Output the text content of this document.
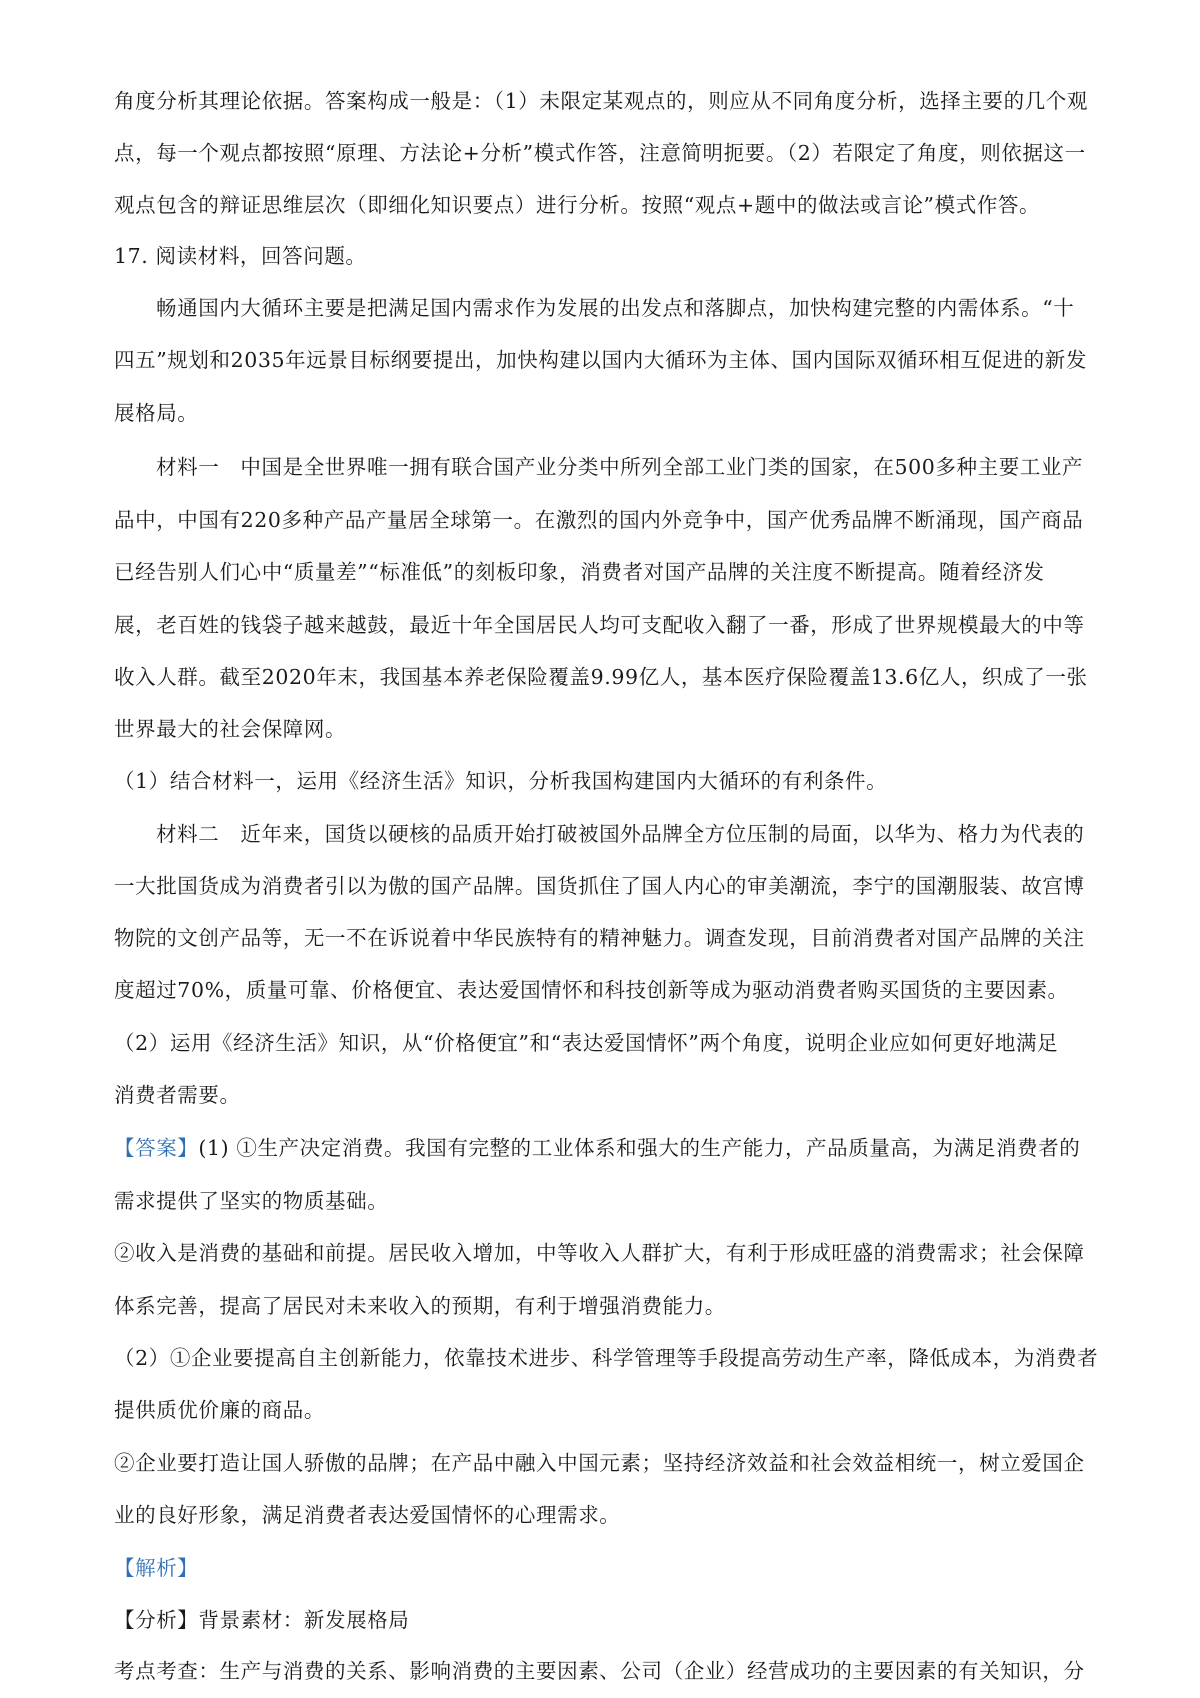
角度分析其理论依据。答案构成一般是：（1）未限定某观点的，则应从不同角度分析，选择主要的几个观

点，每一个观点都按照“原理、方法论+分析”模式作答，注意简明扼要。（2）若限定了角度，则依据这一

观点包含的辩证思维层次（即细化知识要点）进行分析。按照“观点+题中的做法或言论”模式作答。

17. 阅读材料，回答问题。

畅通国内大循环主要是把满足国内需求作为发展的出发点和落脚点，加快构建完整的内需体系。“十

四五”规划和2035年远景目标纲要提出，加快构建以国内大循环为主体、国内国际双循环相互促进的新发

展格局。

材料一　中国是全世界唯一拥有联合国产业分类中所列全部工业门类的国家，在500多种主要工业产

品中，中国有220多种产品产量居全球第一。在激烈的国内外竞争中，国产优秀品牌不断涌现，国产商品

已经告别人们心中“质量差”“标准低”的刻板印象，消费者对国产品牌的关注度不断提高。随着经济发

展，老百姓的钱袋子越来越鼓，最近十年全国居民人均可支配收入翻了一番，形成了世界规模最大的中等

收入人群。截至2020年末，我国基本养老保险覆盖9.99亿人，基本医疗保险覆盖13.6亿人，织成了一张

世界最大的社会保障网。

（1）结合材料一，运用《经济生活》知识，分析我国构建国内大循环的有利条件。

材料二　近年来，国货以硬核的品质开始打破被国外品牌全方位压制的局面，以华为、格力为代表的

一大批国货成为消费者引以为傲的国产品牌。国货抓住了国人内心的审美潮流，李宁的国潮服装、故宫博

物院的文创产品等，无一不在诉说着中华民族特有的精神魅力。调查发现，目前消费者对国产品牌的关注

度超过70%，质量可靠、价格便宜、表达爱国情怀和科技创新等成为驱动消费者购买国货的主要因素。

（2）运用《经济生活》知识，从“价格便宜”和“表达爱国情怀”两个角度，说明企业应如何更好地满足

消费者需要。

【答案】(1) ①生产决定消费。我国有完整的工业体系和强大的生产能力，产品质量高，为满足消费者的

需求提供了坚实的物质基础。

②收入是消费的基础和前提。居民收入增加，中等收入人群扩大，有利于形成旺盛的消费需求；社会保障

体系完善，提高了居民对未来收入的预期，有利于增强消费能力。

（2）①企业要提高自主创新能力，依靠技术进步、科学管理等手段提高劳动生产率，降低成本，为消费者

提供质优价廉的商品。

②企业要打造让国人骄傲的品牌；在产品中融入中国元素；坚持经济效益和社会效益相统一，树立爱国企

业的良好形象，满足消费者表达爱国情怀的心理需求。

【解析】

【分析】背景素材：新发展格局

考点考查：生产与消费的关系、影响消费的主要因素、公司（企业）经营成功的主要因素的有关知识，分
